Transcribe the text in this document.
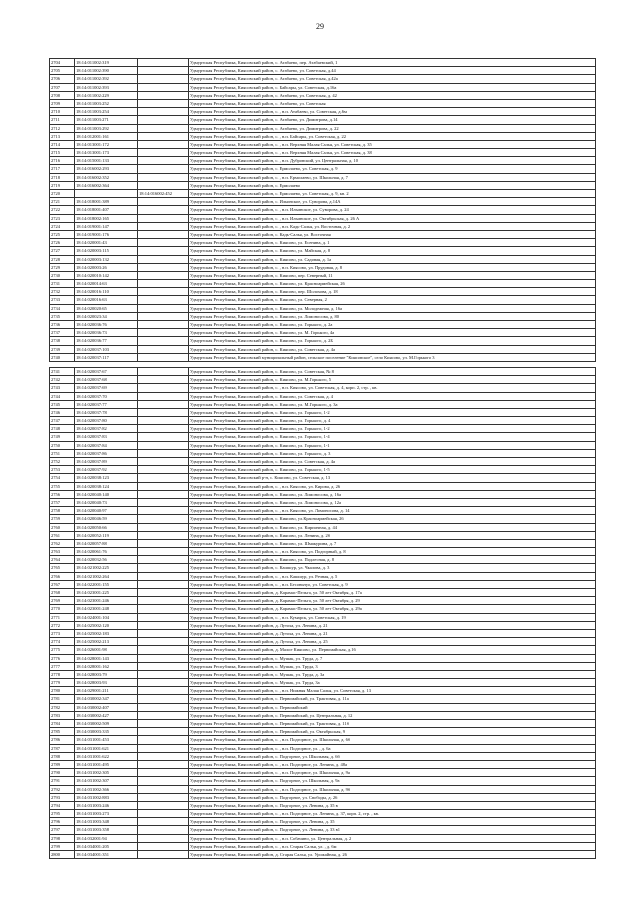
29
2704	18:14:011002:319		Удмуртская Республика, Киясовский район, с. Атабаево, пер. Атабаевский, 1
2705	18:14:011002:390		Удмуртская Республика, Киясовский район, с. Атабаево, ул. Советская, д.44
2706	18:14:011002:392		Удмуртская Республика, Киясовский район, с. Атабаево, ул. Советская, д.42а
2707	18:14:011002:393		Удмуртская Республика, Киясовский район, с. Байсары, ул. Советская, д.16а
2708	18:14:011002:229		Удмуртская Республика, Киясовский район, с. Атабаево, ул. Советская, д. 42
2709	18:14:011003:252		Удмуртская Республика, Киясовский район, с. Атабаево, ул. Советская
2710	18:14:011003:254		Удмуртская Республика, Киясовский район, с. , н.п. Атабаево, ул. Советская, д.6м
2711	18:14:011003:271		Удмуртская Республика, Киясовский район, с. Атабаево, ул. Димитрова, д.14
2712	18:14:011003:292		Удмуртская Республика, Киясовский район, с. Атабаево, ул. Димитрова, д. 22
2713	18:14:012001:161		Удмуртская Республика, Киясовский район, с. , н.п. Байсары, ул. Советская, д. 22
2714	18:14:013001:172		Удмуртская Республика, Киясовский район, с. , н.п. Верхняя Малая Салья, ул. Советская, д. 35
2715	18:14:013001:173		Удмуртская Республика, Киясовский район, с. , н.п. Верхняя Малая Салья, ул. Советская, д. 38
2716	18:14:015001:133		Удмуртская Республика, Киясовский район, с. , н.п. Дубровский, ул. Центральная, д. 10
2717	18:14:016002:293		Удмуртская Республика, Киясовский район, с. Ермолаево, ул. Советская, д. 9
2718	18:14:016002:352		Удмуртская Республика, Киясовский район, с. , н.п. Ермолаево, ул. Школьная, д. 7
2719	18:14:016002:364		Удмуртская Республика, Киясовский район, с. Ермолаево
2720		18:14:016002:452	Удмуртская Республика, Киясовский район, с. Ермолаево, ул. Советская, д. 9, кв. 2
2721	18:14:018001:389		Удмуртская Республика, Киясовский район, с. Ильинское, ул. Суворова, д.14А
2722	18:14:018001:407		Удмуртская Республика, Киясовский район, с. , н.п. Ильинское, ул. Суворова, д. 24
2723	18:14:018002:165		Удмуртская Республика, Киясовский район, с. , н.п. Ильинское, ул. Октябрьская, д. 26 А
2724	18:14:019001:147		Удмуртская Республика, Киясовский район, с. , н.п. Кадь-Салья, ул. Восточная, д. 2
2725	18:14:019001:176		Удмуртская Республика, Киясовский район, с. Кадь-Салья, ул. Восточная
2726	18:14:020001:43		Удмуртская Республика, Киясовский район, с. Киясово, ул. Есенина, д. 1
2727	18:14:020003:115		Удмуртская Республика, Киясовский район, с. Киясово, ул. Майская, д. 8
2728	18:14:020003:132		Удмуртская Республика, Киясовский район, с. Киясово, ул. Садовая, д. 1а
2729	18:14:020003:26		Удмуртская Республика, Киясовский район, с. , н.п. Киясово, ул. Прудовая, д. 8
2730	18:14:020010:142		Удмуртская Республика, Киясовский район, с. Киясово, пер. Северный, 11
2731	18:14:020014:63		Удмуртская Республика, Киясовский район, с. Киясово, ул. Красноармейская, 26
2732	18:14:020016:110		Удмуртская Республика, Киясовский район, с. Киясово, пер. Шолохова, д. 18
2733	18:14:020016:63		Удмуртская Республика, Киясовский район, с. Киясово, ул. Северная, 2
2734	18:14:020020:65		Удмуртская Республика, Киясовский район, с. Киясово, ул. Молодежная, д. 16а
2735	18:14:020023:34		Удмуртская Республика, Киясовский район, с. Киясово, ул. Ломоносова, д. 80
2736	18:14:020036:76		Удмуртская Республика, Киясовский район, с. Киясово, ул. Горького, д. 2а
2737	18:14:020036:73		Удмуртская Республика, Киясовский район, с. Киясово, ул. М. Горького, 4а
2738	18:14:020036:77		Удмуртская Республика, Киясовский район, с. Киясово, ул. Горького, д. 2Б
2739	18:14:020037:103		Удмуртская Республика, Киясовский район, с. Киясово, ул. Советская, д. 4а
2740	18:14:020037:117		Удмуртская Республика, Киясовский муниципальный район, сельское поселение "Киясовское", село Киясово, ул. М.Горького 3

2741	18:14:020037:67		Удмуртская Республика, Киясовский район, с. Киясово, ул. Советская, № 8
2742	18:14:020037:68		Удмуртская Республика, Киясовский район, с. Киясово, ул. М.Горького, 5
2743	18:14:020037:69		Удмуртская Республика, Киясовский район, с. , н.п. Киясово, ул. Советская, д. 4, корп. 2, стр. , кв.
2744	18:14:020037:70		Удмуртская Республика, Киясовский район, с. Киясово, ул. Советская, д. 4
2745	18:14:020037:77		Удмуртская Республика, Киясовский район, с. Киясово, ул. М.Горького, д. 3а
2746	18:14:020037:78		Удмуртская Республика, Киясовский район, с. Киясово, ул. Горького, 1-2
2747	18:14:020037:80		Удмуртская Республика, Киясовский район, с. Киясово, ул. Горького, д. 4
2748	18:14:020037:82		Удмуртская Республика, Киясовский район, с. Киясово, ул. Горького, 1-2
2749	18:14:020037:83		Удмуртская Республика, Киясовский район, с. Киясово, ул. Горького, 1-4
2750	18:14:020037:84		Удмуртская Республика, Киясовский район, с. Киясово, ул. Горького, 1-1
2751	18:14:020037:86		Удмуртская Республика, Киясовский район, с. Киясово, ул. Горького, д. 3
2752	18:14:020037:89		Удмуртская Республика, Киясовский район, с. Киясово, ул. Советская, д. 4а
2753	18:14:020037:92		Удмуртская Республика, Киясовский район, с. Киясово, ул. Горького, 1-5
2754	18:14:020038:123		Удмуртская Республика, Киясовский р-н, с. Киясово, ул. Советская, д. 13
2755	18:14:020038:124		Удмуртская Республика, Киясовский район, с. , н.п. Киясово, ул. Кирова, д. 26
2756	18:14:020040:140		Удмуртская Республика, Киясовский район, с. Киясово, ул. Ломоносова, д. 16а
2757	18:14:020040:73		Удмуртская Республика, Киясовский район, с. Киясово, ул. Ломоносова, д. 12а
2758	18:14:020040:97		Удмуртская Республика, Киясовский район, с. , н.п. Киясово, ул. Ломоносова, д. 14
2759	18:14:020046:59		Удмуртская Республика, Киясовский район, с. Киясово, ул.Красноармейская, 26
2760	18:14:020050:66		Удмуртская Республика, Киясовский район, с. Киясово, ул. Кирпичная, д. 44
2761	18:14:020052:119		Удмуртская Республика, Киясовский район, с. Киясово, ул. Ленина, д. 2б
2762	18:14:020057:88		Удмуртская Республика, Киясовский район, с. Киясово, ул. Шмакурина, д. 7
2763	18:14:020061:76		Удмуртская Республика, Киясовский район, с. , н.п. Киясово, ул. Подгорный, д. 8
2764	18:14:020032:56		Удмуртская Республика, Киясовский район, с. Киясово, ул. Подлесная, д. 8
2765	18:14:021002:225		Удмуртская Республика, Киясовский район, с. Кашшур, ул. Чкалова, д. 3
2766	18:14:021002:264		Удмуртская Республика, Киясовский район, с. , н.п. Кашшур, ул. Речная, д. 5
2767	18:14:022001:155		Удмуртская Республика, Киясовский район, с. , н.п. Бесоньнуо, ул. Советская, д. 9
2768	18:14:023001:225		Удмуртская Республика, Киясовский район, д. Карамас-Пельга, ул. 50 лет Октября, д. 17а
2769	18:14:023001:246		Удмуртская Республика, Киясовский район, д. Карамас-Пельга, ул. 50 лет Октября, д. 29
2770	18:14:023001:248		Удмуртская Республика, Киясовский район, д. Карамас-Пельга, ул. 50 лет Октября, д. 29а
2771	18:14:024001:104		Удмуртская Республика, Киясовский район, с. , н.п. Кумарск, ул. Советская, д. 19
2772	18:14:025002:120		Удмуртская Республика, Киясовский район, д. Лутоха, ул. Ленина, д. 21
2773	18:14:025002:183		Удмуртская Республика, Киясовский район, д. Лутоха, ул. Ленина, д. 21
2774	18:14:025002:213		Удмуртская Республика, Киясовский район, д. Лутоха, ул. Ленина, д. 25
2775	18:14:026001:98		Удмуртская Республика, Киясовский район, д. Малое Киясово, ул. Первомайская, д.16
2776	18:14:028001:143		Удмуртская Республика, Киясовский район, с. Мушак, ул. Труда, д. 7
2777	18:14:028001:162		Удмуртская Республика, Киясовский район, с. Мушак, ул. Труда, 3
2778	18:14:028003:79		Удмуртская Республика, Киясовский район, с. Мушак, ул. Труда, д. 3а
2779	18:14:028003:93		Удмуртская Республика, Киясовский район, с. Мушак, ул. Труда, 3а
2780	18:14:029001:211		Удмуртская Республика, Киясовский район, с. , н.п. Нижняя Малая Салья, ул. Советская, д. 13
2781	18:14:030002:347		Удмуртская Республика, Киясовский район, с. Первомайский, ул. Трактовая, д. 11а
2782	18:14:030002:407		Удмуртская Республика, Киясовский район, с. Первомайский
2783	18:14:030002:427		Удмуртская Республика, Киясовский район, с. Первомайский, ул. Центральная, д. 12
2784	18:14:030002:509		Удмуртская Республика, Киясовский район, с. Первомайский, ул. Трактовая, д. 11б
2785	18:14:030003:335		Удмуртская Республика, Киясовский район, с. Первомайский, ул. Октябрьская, 9
2786	18:14:031001:453		Удмуртская Республика, Киясовский район, с. , н.п. Подгорное, ул. Школьная, д. 6б
2787	18:14:031001:621		Удмуртская Республика, Киясовский район, с. , н.п. Подгорное, ул. , д. 6а
2788	18:14:031001:622		Удмуртская Республика, Киясовский район, с. Подгорное, ул. Школьная, д. 6б
2789	18:14:031001:495		Удмуртская Республика, Киясовский район, с. , н.п. Подгорное, ул. Ленина, д. 48а
2790	18:14:031002:305		Удмуртская Республика, Киясовский район, с. , н.п. Подгорное, ул. Школьная, д. 9а
2791	18:14:031002:307		Удмуртская Республика, Киясовский район, с. Подгорное, ул. Школьная, д. 9а
2792	18:14:031002:366		Удмуртская Республика, Киясовский район, с. , н.п. Подгорное, ул. Школьная, д. 9б
2793	18:14:031002:883		Удмуртская Республика, Киясовский район, с. Подгорное, ул. Свободы, д. 26
2794	18:14:031003:246		Удмуртская Республика, Киясовский район, с. Подгорное, ул. Ленина, д. 35 в
2795	18:14:031003:273		Удмуртская Республика, Киясовский район, с. , н.п. Подгорное, ул. Ленина, д. 37, корп. 2, стр. , кв.
2796	18:14:031003:348		Удмуртская Республика, Киясовский район, с. Подгорное, ул. Ленина, д. 35
2797	18:14:031003:358		Удмуртская Республика, Киясовский район, с. Подгорное, ул. Ленина, д. 33 в1
2798	18:14:032001:94		Удмуртская Республика, Киясовский район, с. , н.п. Собачино, ул. Центральная, д. 2
2799	18:14:034001:205		Удмуртская Республика, Киясовский район, с. , н.п. Старая Салья, ул. , д. 6м
2800	18:14:034001:351		Удмуртская Республика, Киясовский район, д. Старая Салья, ул. Урожайная, д. 26
